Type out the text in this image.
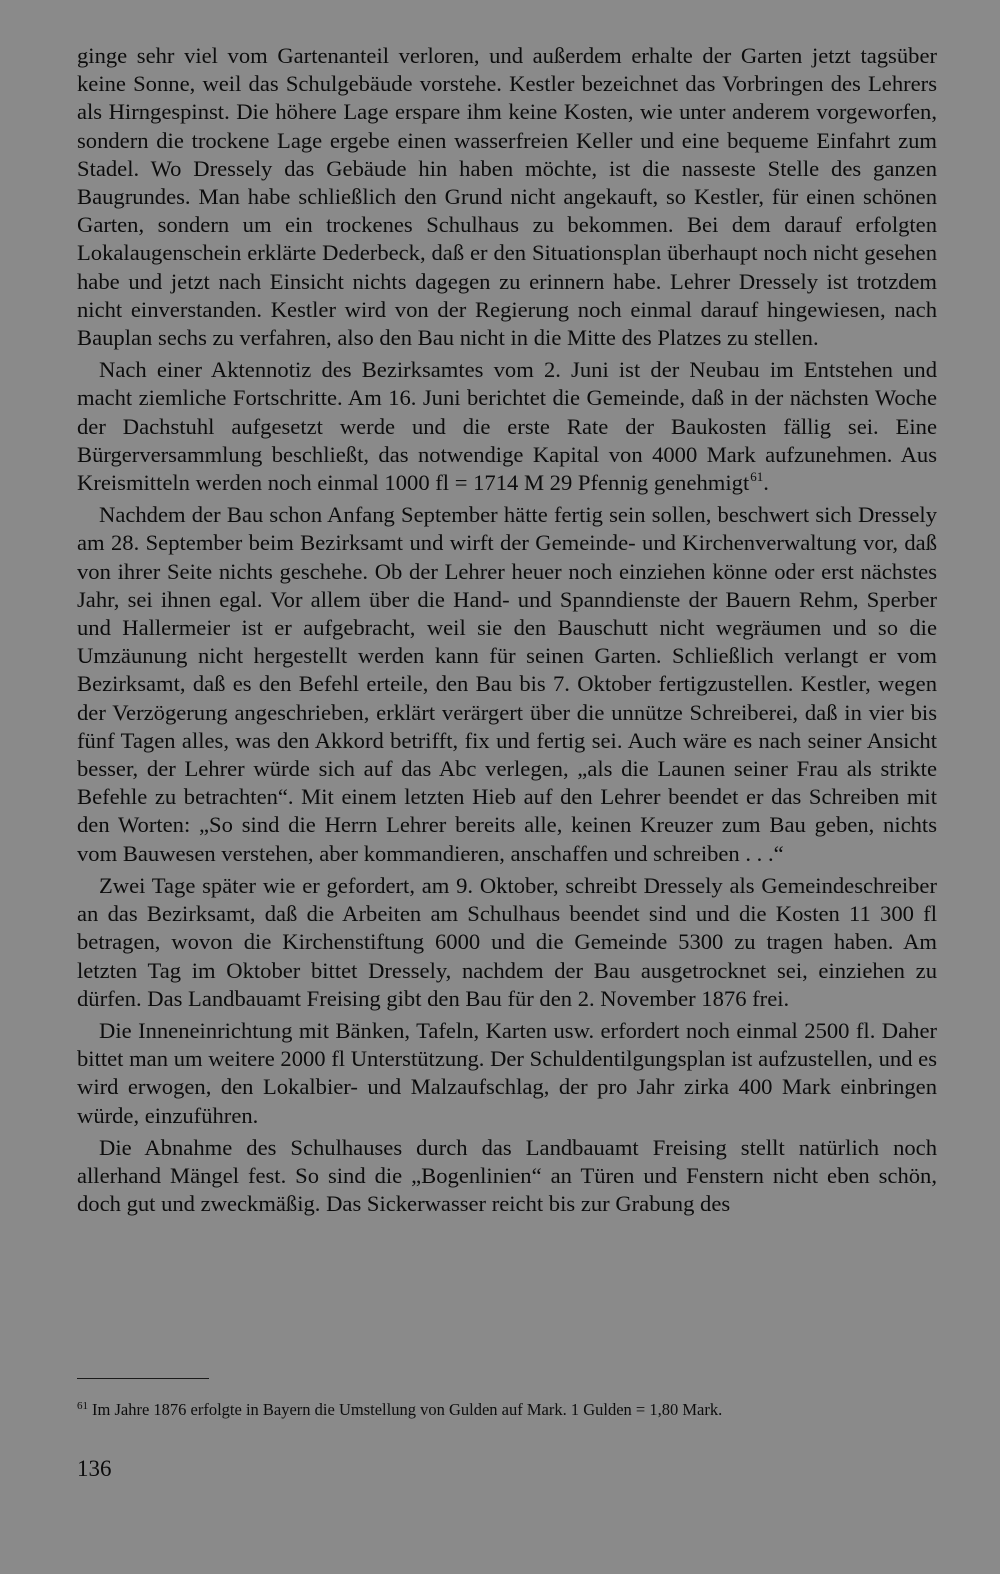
ginge sehr viel vom Gartenanteil verloren, und außerdem erhalte der Garten jetzt tagsüber keine Sonne, weil das Schulgebäude vorstehe. Kestler bezeichnet das Vorbringen des Lehrers als Hirngespinst. Die höhere Lage erspare ihm keine Kosten, wie unter anderem vorgeworfen, sondern die trockene Lage ergebe einen wasserfreien Keller und eine bequeme Einfahrt zum Stadel. Wo Dressely das Gebäude hin haben möchte, ist die nasseste Stelle des ganzen Baugrundes. Man habe schließlich den Grund nicht angekauft, so Kestler, für einen schönen Garten, sondern um ein trockenes Schulhaus zu bekommen. Bei dem darauf erfolgten Lokalaugenschein erklärte Dederbeck, daß er den Situationsplan überhaupt noch nicht gesehen habe und jetzt nach Einsicht nichts dagegen zu erinnern habe. Lehrer Dressely ist trotzdem nicht einverstanden. Kestler wird von der Regierung noch einmal darauf hingewiesen, nach Bauplan sechs zu verfahren, also den Bau nicht in die Mitte des Platzes zu stellen.

Nach einer Aktennotiz des Bezirksamtes vom 2. Juni ist der Neubau im Entstehen und macht ziemliche Fortschritte. Am 16. Juni berichtet die Gemeinde, daß in der nächsten Woche der Dachstuhl aufgesetzt werde und die erste Rate der Baukosten fällig sei. Eine Bürgerversammlung beschließt, das notwendige Kapital von 4000 Mark aufzunehmen. Aus Kreismitteln werden noch einmal 1000 fl = 1714 M 29 Pfennig genehmigt$^{61}$.

Nachdem der Bau schon Anfang September hätte fertig sein sollen, beschwert sich Dressely am 28. September beim Bezirksamt und wirft der Gemeinde- und Kirchenverwaltung vor, daß von ihrer Seite nichts geschehe. Ob der Lehrer heuer noch einziehen könne oder erst nächstes Jahr, sei ihnen egal. Vor allem über die Hand- und Spanndienste der Bauern Rehm, Sperber und Hallermeier ist er aufgebracht, weil sie den Bauschutt nicht wegräumen und so die Umzäunung nicht hergestellt werden kann für seinen Garten. Schließlich verlangt er vom Bezirksamt, daß es den Befehl erteile, den Bau bis 7. Oktober fertigzustellen. Kestler, wegen der Verzögerung angeschrieben, erklärt verärgert über die unnütze Schreiberei, daß in vier bis fünf Tagen alles, was den Akkord betrifft, fix und fertig sei. Auch wäre es nach seiner Ansicht besser, der Lehrer würde sich auf das Abc verlegen, „als die Launen seiner Frau als strikte Befehle zu betrachten“. Mit einem letzten Hieb auf den Lehrer beendet er das Schreiben mit den Worten: „So sind die Herrn Lehrer bereits alle, keinen Kreuzer zum Bau geben, nichts vom Bauwesen verstehen, aber kommandieren, anschaffen und schreiben . . .“

Zwei Tage später wie er gefordert, am 9. Oktober, schreibt Dressely als Gemeindeschreiber an das Bezirksamt, daß die Arbeiten am Schulhaus beendet sind und die Kosten 11 300 fl betragen, wovon die Kirchenstiftung 6000 und die Gemeinde 5300 zu tragen haben. Am letzten Tag im Oktober bittet Dressely, nachdem der Bau ausgetrocknet sei, einziehen zu dürfen. Das Landbauamt Freising gibt den Bau für den 2. November 1876 frei.

Die Inneneinrichtung mit Bänken, Tafeln, Karten usw. erfordert noch einmal 2500 fl. Daher bittet man um weitere 2000 fl Unterstützung. Der Schuldentilgungsplan ist aufzustellen, und es wird erwogen, den Lokalbier- und Malzaufschlag, der pro Jahr zirka 400 Mark einbringen würde, einzuführen.

Die Abnahme des Schulhauses durch das Landbauamt Freising stellt natürlich noch allerhand Mängel fest. So sind die „Bogenlinien“ an Türen und Fenstern nicht eben schön, doch gut und zweckmäßig. Das Sickerwasser reicht bis zur Grabung des

$^{61}$ Im Jahre 1876 erfolgte in Bayern die Umstellung von Gulden auf Mark. 1 Gulden = 1,80 Mark.
136
